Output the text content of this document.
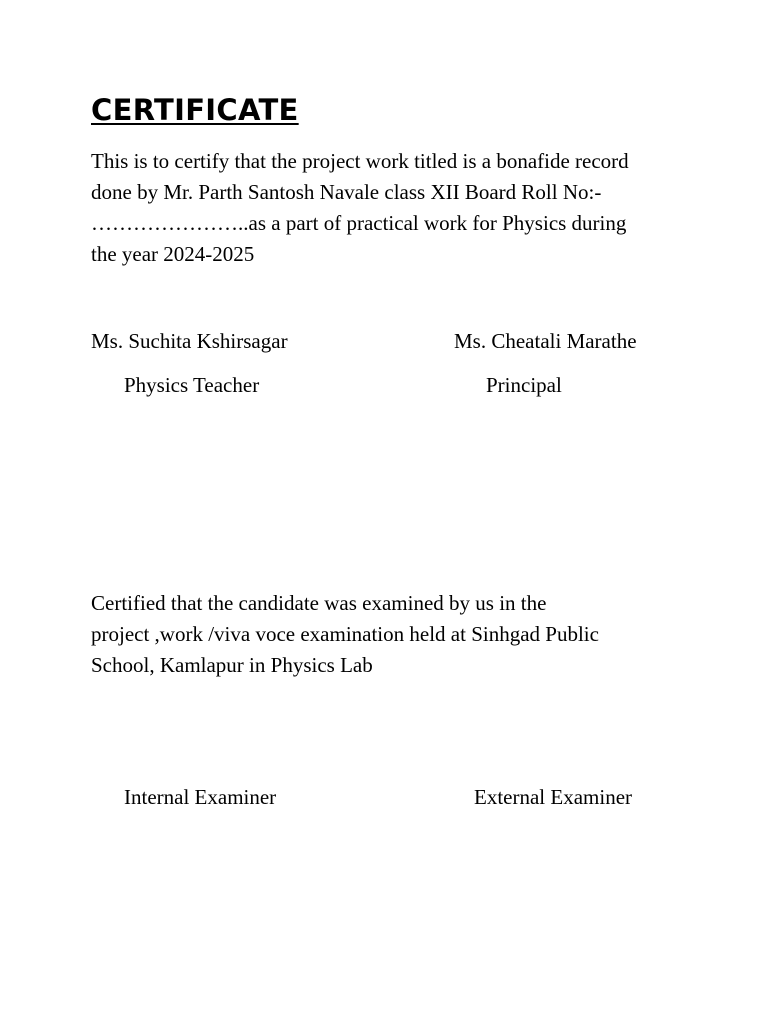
CERTIFICATE

This is to certify that the project work titled is a bonafide record
done by Mr. Parth Santosh Navale class XII Board Roll No:-
…………………..as a part of practical work for Physics during
the year 2024-2025

Ms. Suchita Kshirsagar
Physics Teacher
Ms. Cheatali Marathe
Principal

Certified that the candidate was examined by us in the
project ,work /viva voce examination held at Sinhgad Public
School, Kamlapur in Physics Lab

Internal Examiner	External Examiner
